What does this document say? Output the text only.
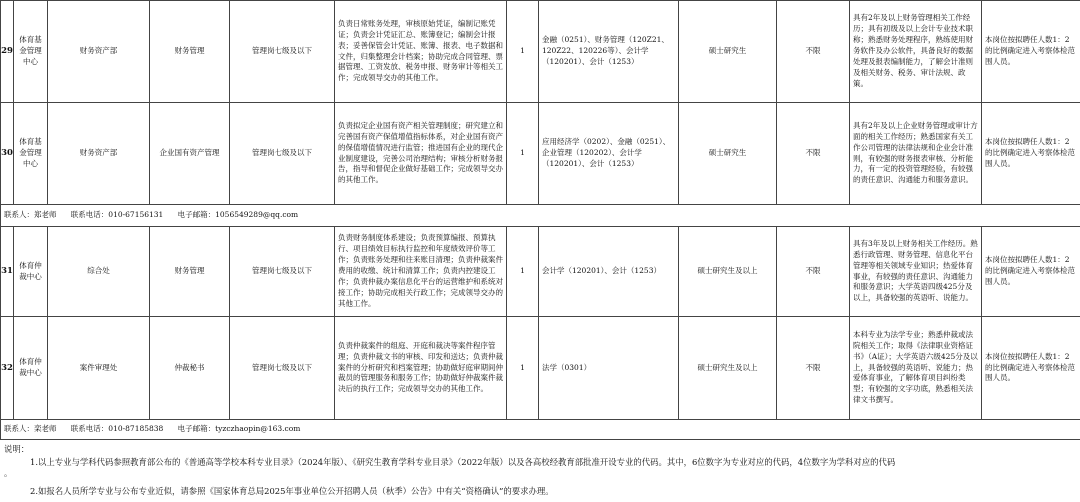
29	体育基金管理中心	财务资产部	财务管理	管理岗七级及以下	负责日常账务处理，审核原始凭证，编制记账凭证；负责会计凭证汇总、账簿登记；编制会计报表；妥善保管会计凭证、账簿、报表、电子数据和文件，归集整理会计档案；协助完成合同管理、票据管理、工资发放、税务申报、财务审计等相关工作；完成领导交办的其他工作。	1	金融（0251）、财务管理（120Z21、120Z22、120226等）、会计学（120201）、会计（1253）	硕士研究生	不限	具有2年及以上财务管理相关工作经历；具有初级及以上会计专业技术职称；熟悉财务处理程序，熟练使用财务软件及办公软件，具备良好的数据处理及报表编制能力，了解会计准则及相关财务、税务、审计法规、政策。	本岗位按拟聘任人数1：2的比例确定进入考察体检范围人员。
30	体育基金管理中心	财务资产部	企业国有资产管理	管理岗七级及以下	负责拟定企业国有资产相关管理制度；研究建立和完善国有资产保值增值指标体系，对企业国有资产的保值增值情况进行监管；推进国有企业的现代企业制度建设，完善公司治理结构；审核分析财务报告，指导和督促企业做好基础工作；完成领导交办的其他工作。	1	应用经济学（0202）、金融（0251）、企业管理（120202）、会计学（120201）、会计（1253）	硕士研究生	不限	具有2年及以上企业财务管理或审计方面的相关工作经历；熟悉国家有关工作公司管理的法律法规和企业会计准则，有较强的财务报表审核、分析能力，有一定的投资管理经验，有较强的责任意识、沟通能力和服务意识。	本岗位按拟聘任人数1：2的比例确定进入考察体检范围人员。
联系人：郑老师      联系电话：010-67156131      电子邮箱：1056549289@qq.com											
31	体育仲裁中心	综合处	财务管理	管理岗七级及以下	负责财务制度体系建设；负责预算编报、预算执行、项目绩效目标执行监控和年度绩效评价等工作；负责账务处理和往来账目清理；负责仲裁案件费用的收缴、统计和清算工作；负责内控建设工作；负责仲裁办案信息化平台的运营维护和系统对接工作；协助完成相关行政工作；完成领导交办的其他工作。	1	会计学（120201）、会计（1253）	硕士研究生及以上	不限	具有3年及以上财务相关工作经历。熟悉行政管理、财务管理、信息化平台管理等相关领域专业知识；热爱体育事业，有较强的责任意识、沟通能力和服务意识；大学英语四级425分及以上，具备较强的英语听、说能力。	本岗位按拟聘任人数1：2的比例确定进入考察体检范围人员。
32	体育仲裁中心	案件审理处	仲裁秘书	管理岗七级及以下	负责仲裁案件的组庭、开庭和裁决等案件程序管理；负责仲裁文书的审核、印发和送达；负责仲裁案件的分析研究和档案管理；协助做好庭审期间仲裁员的管理服务和服务工作；协助做好仲裁案件裁决后的执行工作；完成领导交办的其他工作。	1	法学（0301）	硕士研究生及以上	不限	本科专业为法学专业；熟悉仲裁或法院相关工作；取得《法律职业资格证书》（A证）；大学英语六级425分及以上，具备较强的英语听、说能力；热爱体育事业，了解体育项目纠纷类型；有较强的文字功底，熟悉相关法律文书撰写。	本岗位按拟聘任人数1：2的比例确定进入考察体检范围人员。
联系人：栾老师      联系电话：010-87185838      电子邮箱：tyzczhaopin@163.com											
说明：
1.以上专业与学科代码参照教育部公布的《普通高等学校本科专业目录》（2024年版）、《研究生教育学科专业目录》（2022年版）以及各高校经教育部批准开设专业的代码。其中，6位数字为专业对应的代码，4位数字为学科对应的代码
。
2.如报名人员所学专业与公布专业近似，请参照《国家体育总局2025年事业单位公开招聘人员（秋季）公告》中有关“资格确认”的要求办理。
